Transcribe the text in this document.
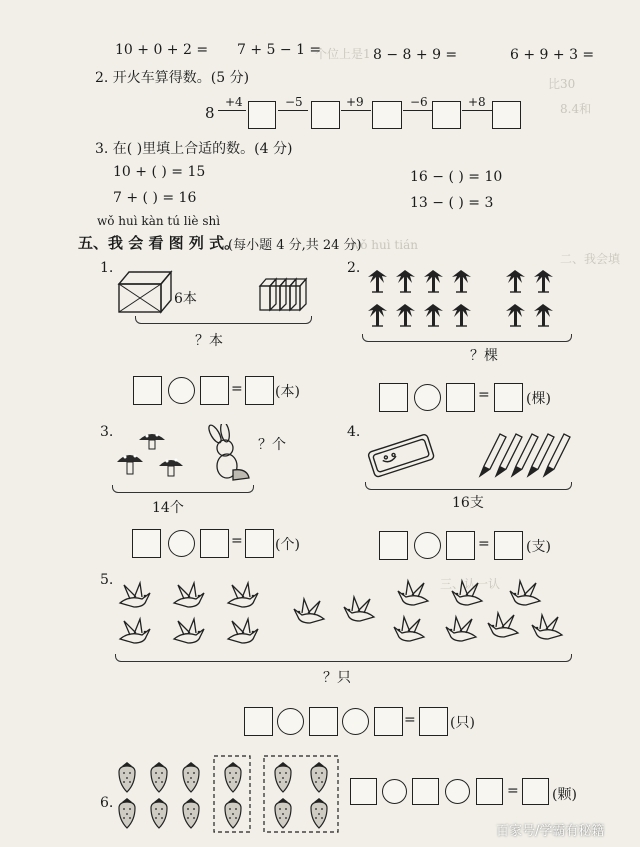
个位上是1
比30
8.4和
wǒ huì tián
二、我会填
三、认一认
10 + 0 + 2 = 7 + 5 − 1 =	8 − 8 + 9 =	6 + 9 + 3 =
2. 开火车算得数。(5 分)
8
+4	−5	+9	−6	+8
3. 在( )里填上合适的数。(4 分)
10 + ( ) = 15
7 + ( ) = 16
16 − ( ) = 10
13 − ( ) = 3
wǒ huì kàn tú liè shì
五、我 会 看 图 列 式。
(每小题 4 分,共 24 分)
1.
6本
？本
= (本)
2.
？棵
=	(棵)
3.
？个
14个
= (个)
4.
16支
=	(支)
5.
？只
= (只)
6.
= (颗)
百家号/学霸有秘籍
